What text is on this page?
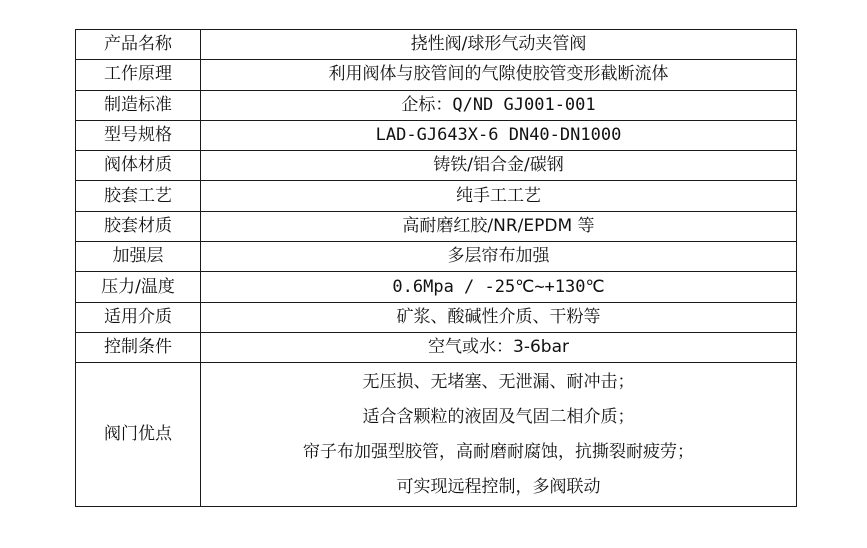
产品名称	挠性阀/球形气动夹管阀
工作原理	利用阀体与胶管间的气隙使胶管变形截断流体
制造标准	企标：Q/ND GJ001-001
型号规格	LAD-GJ643X-6 DN40-DN1000
阀体材质	铸铁/铝合金/碳钢
胶套工艺	纯手工工艺
胶套材质	高耐磨红胶/NR/EPDM 等
加强层	多层帘布加强
压力/温度	0.6Mpa / -25℃~+130℃
适用介质	矿浆、酸碱性介质、干粉等
控制条件	空气或水：3-6bar
阀门优点	无压损、无堵塞、无泄漏、耐冲击；
适合含颗粒的液固及气固二相介质；
帘子布加强型胶管，高耐磨耐腐蚀，抗撕裂耐疲劳；
可实现远程控制，多阀联动
